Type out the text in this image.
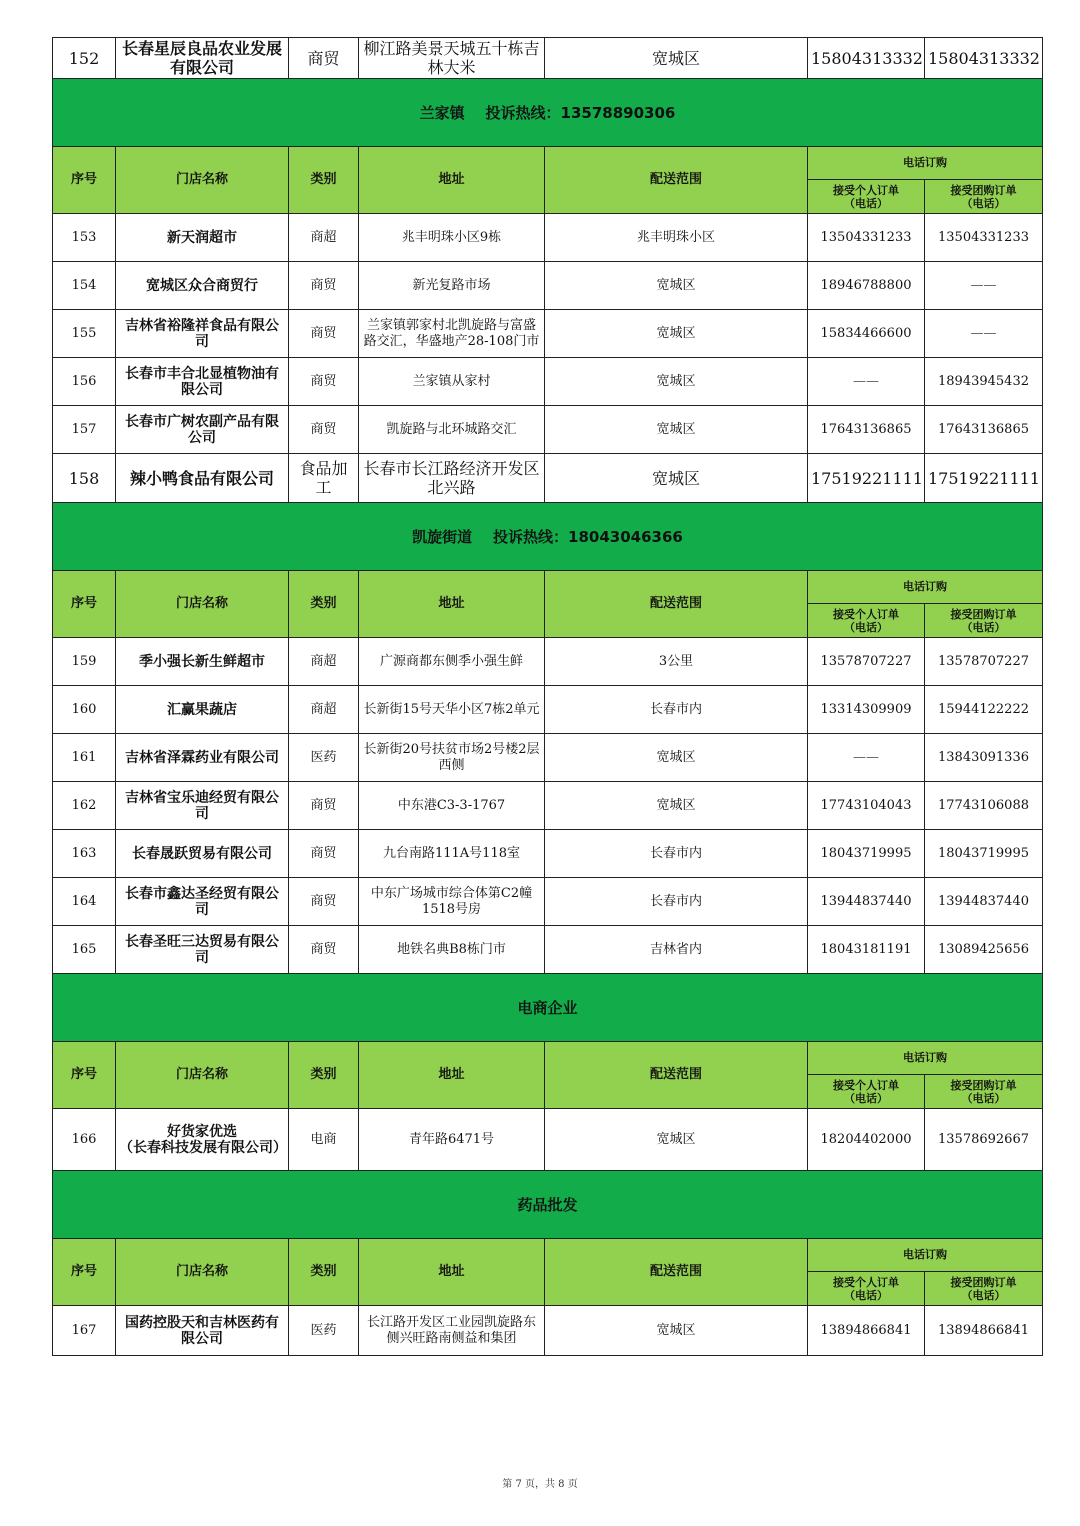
152	长春星辰良品农业发展有限公司	商贸	柳江路美景天城五十栋吉林大米	宽城区	15804313332	15804313332
兰家镇    投诉热线：13578890306						
序号	门店名称	类别	地址	配送范围	电话订购	
					接受个人订单
（电话）	接受团购订单
（电话）
153	新天润超市	商超	兆丰明珠小区9栋	兆丰明珠小区	13504331233	13504331233
154	宽城区众合商贸行	商贸	新光复路市场	宽城区	18946788800	——
155	吉林省裕隆祥食品有限公司	商贸	兰家镇郭家村北凯旋路与富盛路交汇，华盛地产28-108门市	宽城区	15834466600	——
156	长春市丰合北显植物油有限公司	商贸	兰家镇从家村	宽城区	——	18943945432
157	长春市广树农副产品有限公司	商贸	凯旋路与北环城路交汇	宽城区	17643136865	17643136865
158	辣小鸭食品有限公司	食品加工	长春市长江路经济开发区北兴路	宽城区	17519221111	17519221111
凯旋街道    投诉热线：18043046366						
序号	门店名称	类别	地址	配送范围	电话订购	
					接受个人订单
（电话）	接受团购订单
（电话）
159	季小强长新生鲜超市	商超	广源商都东侧季小强生鲜	3公里	13578707227	13578707227
160	汇赢果蔬店	商超	长新街15号天华小区7栋2单元	长春市内	13314309909	15944122222
161	吉林省泽霖药业有限公司	医药	长新街20号扶贫市场2号楼2层西侧	宽城区	——	13843091336
162	吉林省宝乐迪经贸有限公司	商贸	中东港C3-3-1767	宽城区	17743104043	17743106088
163	长春晟跃贸易有限公司	商贸	九台南路111A号118室	长春市内	18043719995	18043719995
164	长春市鑫达圣经贸有限公司	商贸	中东广场城市综合体第C2幢1518号房	长春市内	13944837440	13944837440
165	长春圣旺三达贸易有限公司	商贸	地铁名典B8栋门市	吉林省内	18043181191	13089425656
电商企业						
序号	门店名称	类别	地址	配送范围	电话订购	
					接受个人订单
（电话）	接受团购订单
（电话）
166	好货家优选
（长春科技发展有限公司）	电商	青年路6471号	宽城区	18204402000	13578692667
药品批发						
序号	门店名称	类别	地址	配送范围	电话订购	
					接受个人订单
（电话）	接受团购订单
（电话）
167	国药控股天和吉林医药有限公司	医药	长江路开发区工业园凯旋路东侧兴旺路南侧益和集团	宽城区	13894866841	13894866841
第 7 页，共 8 页
